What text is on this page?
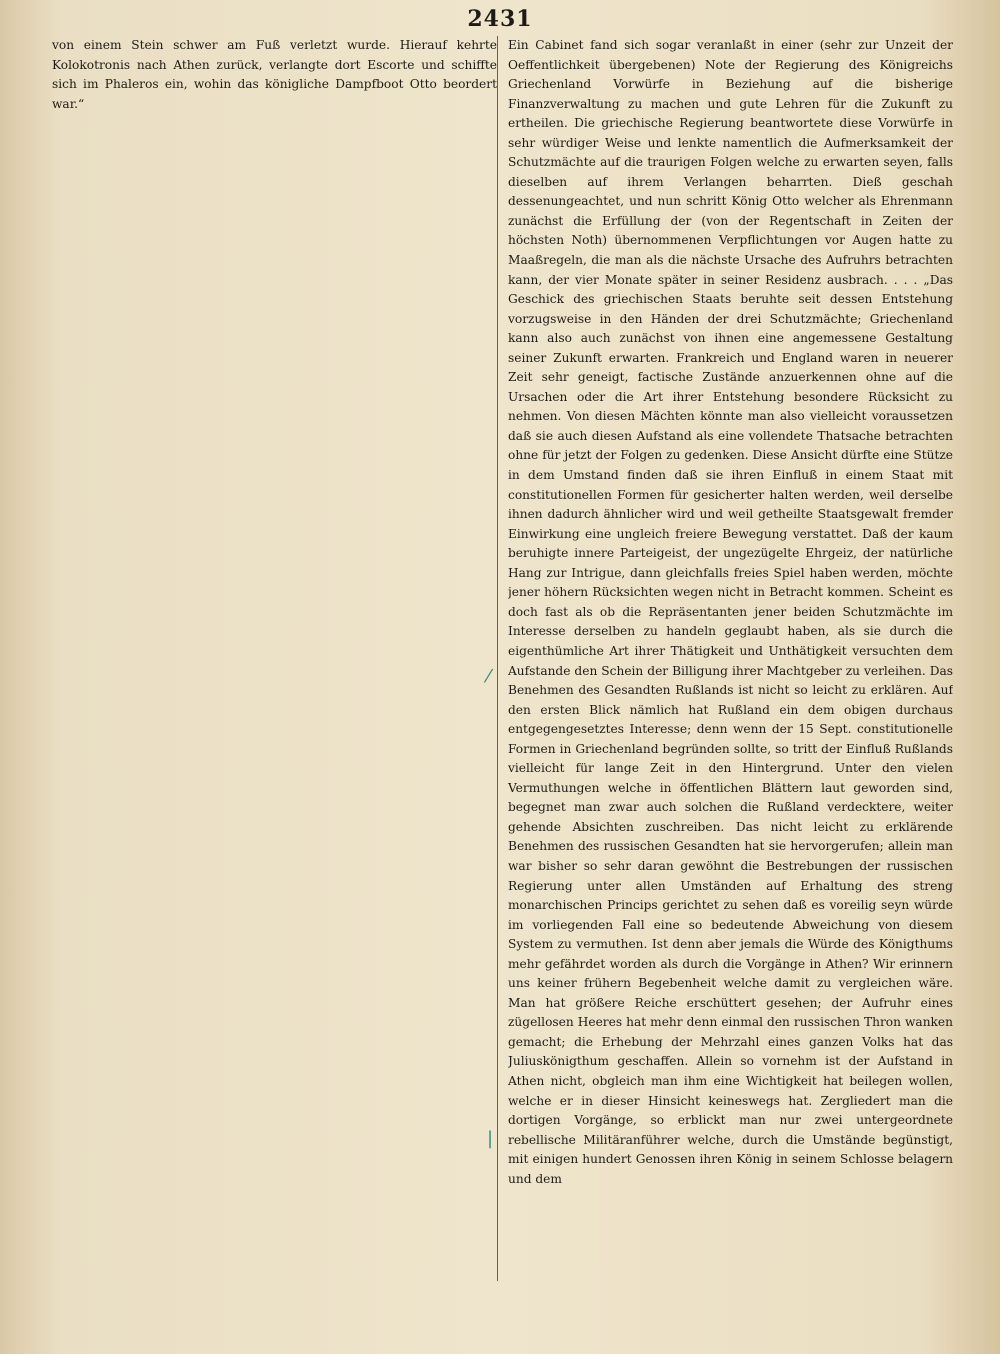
2431

von einem Stein schwer am Fuß verletzt wurde. Hierauf kehrte Kolokotronis nach Athen zurück, verlangte dort Escorte und schiffte sich im Phaleros ein, wohin das königliche Dampfboot Otto beordert war.“

Ein Cabinet fand sich sogar veranlaßt in einer (sehr zur Unzeit der Oeffentlichkeit übergebenen) Note der Regierung des Königreichs Griechenland Vorwürfe in Beziehung auf die bisherige Finanzverwaltung zu machen und gute Lehren für die Zukunft zu ertheilen. Die griechische Regierung beantwortete diese Vorwürfe in sehr würdiger Weise und lenkte namentlich die Aufmerksamkeit der Schutzmächte auf die traurigen Folgen welche zu erwarten seyen, falls dieselben auf ihrem Verlangen beharrten. Dieß geschah dessenungeachtet, und nun schritt König Otto welcher als Ehrenmann zunächst die Erfüllung der (von der Regentschaft in Zeiten der höchsten Noth) übernommenen Verpflichtungen vor Augen hatte zu Maaßregeln, die man als die nächste Ursache des Aufruhrs betrachten kann, der vier Monate später in seiner Residenz ausbrach. . . . „Das Geschick des griechischen Staats beruhte seit dessen Entstehung vorzugsweise in den Händen der drei Schutzmächte; Griechenland kann also auch zunächst von ihnen eine angemessene Gestaltung seiner Zukunft erwarten. Frankreich und England waren in neuerer Zeit sehr geneigt, factische Zustände anzuerkennen ohne auf die Ursachen oder die Art ihrer Entstehung besondere Rücksicht zu nehmen. Von diesen Mächten könnte man also vielleicht voraussetzen daß sie auch diesen Aufstand als eine vollendete Thatsache betrachten ohne für jetzt der Folgen zu gedenken. Diese Ansicht dürfte eine Stütze in dem Umstand finden daß sie ihren Einfluß in einem Staat mit constitutionellen Formen für gesicherter halten werden, weil derselbe ihnen dadurch ähnlicher wird und weil getheilte Staatsgewalt fremder Einwirkung eine ungleich freiere Bewegung verstattet. Daß der kaum beruhigte innere Parteigeist, der ungezügelte Ehrgeiz, der natürliche Hang zur Intrigue, dann gleichfalls freies Spiel haben werden, möchte jener höhern Rücksichten wegen nicht in Betracht kommen. Scheint es doch fast als ob die Repräsentanten jener beiden Schutzmächte im Interesse derselben zu handeln geglaubt haben, als sie durch die eigenthümliche Art ihrer Thätigkeit und Unthätigkeit versuchten dem Aufstande den Schein der Billigung ihrer Machtgeber zu verleihen. Das Benehmen des Gesandten Rußlands ist nicht so leicht zu erklären. Auf den ersten Blick nämlich hat Rußland ein dem obigen durchaus entgegengesetztes Interesse; denn wenn der 15 Sept. constitutionelle Formen in Griechenland begründen sollte, so tritt der Einfluß Rußlands vielleicht für lange Zeit in den Hintergrund. Unter den vielen Vermuthungen welche in öffentlichen Blättern laut geworden sind, begegnet man zwar auch solchen die Rußland verdecktere, weiter gehende Absichten zuschreiben. Das nicht leicht zu erklärende Benehmen des russischen Gesandten hat sie hervorgerufen; allein man war bisher so sehr daran gewöhnt die Bestrebungen der russischen Regierung unter allen Umständen auf Erhaltung des streng monarchischen Princips gerichtet zu sehen daß es voreilig seyn würde im vorliegenden Fall eine so bedeutende Abweichung von diesem System zu vermuthen. Ist denn aber jemals die Würde des Königthums mehr gefährdet worden als durch die Vorgänge in Athen? Wir erinnern uns keiner frühern Begebenheit welche damit zu vergleichen wäre. Man hat größere Reiche erschüttert gesehen; der Aufruhr eines zügellosen Heeres hat mehr denn einmal den russischen Thron wanken gemacht; die Erhebung der Mehrzahl eines ganzen Volks hat das Juliuskönigthum geschaffen. Allein so vornehm ist der Aufstand in Athen nicht, obgleich man ihm eine Wichtigkeit hat beilegen wollen, welche er in dieser Hinsicht keineswegs hat. Zergliedert man die dortigen Vorgänge, so erblickt man nur zwei untergeordnete rebellische Militäranführer welche, durch die Umstände begünstigt, mit einigen hundert Genossen ihren König in seinem Schlosse belagern und dem

⁄
|
